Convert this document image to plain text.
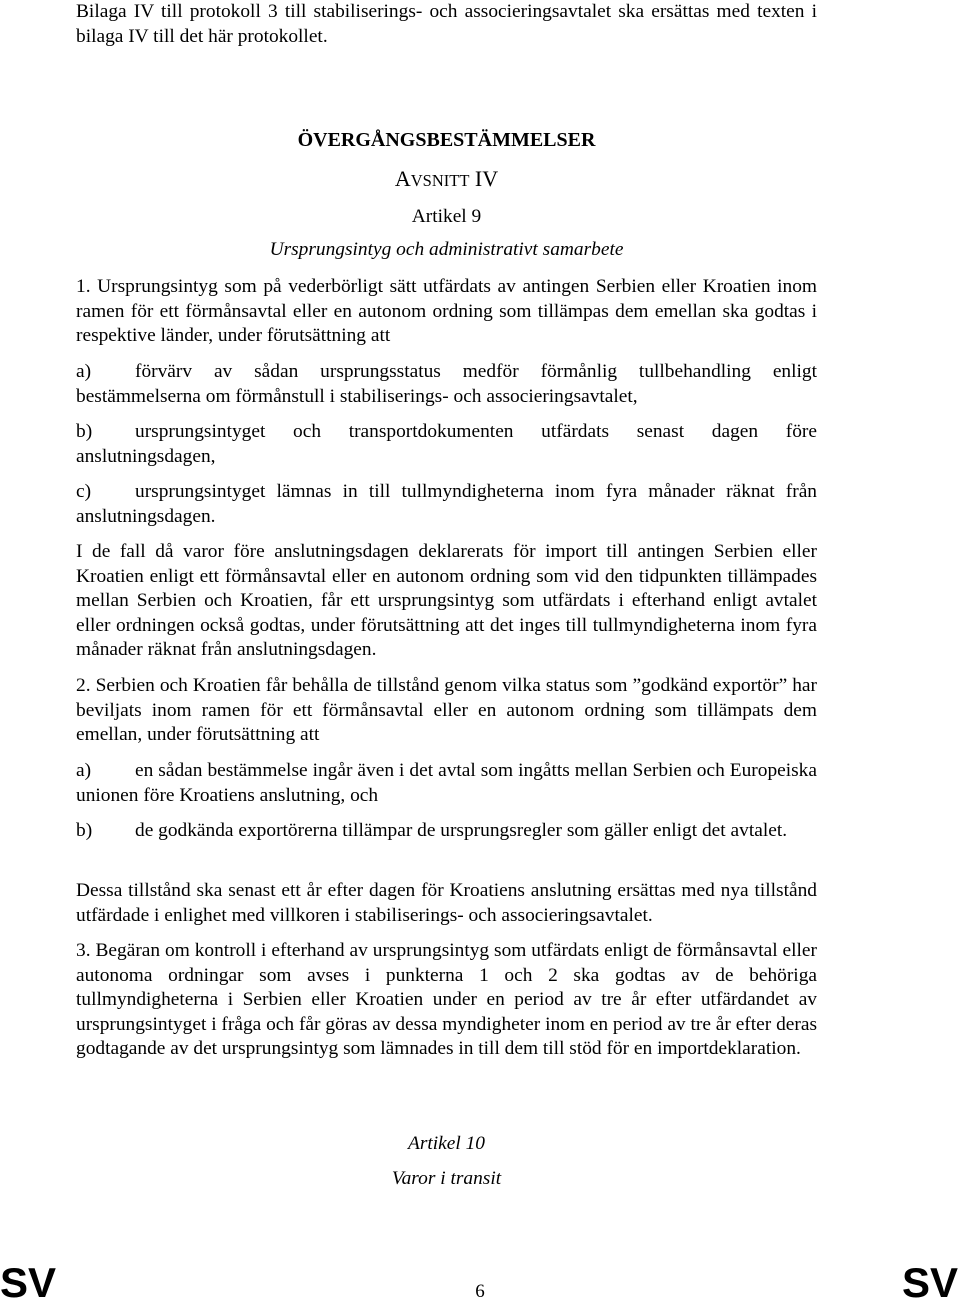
Bilaga IV till protokoll 3 till stabiliserings- och associeringsavtalet ska ersättas med texten i bilaga IV till det här protokollet.

ÖVERGÅNGSBESTÄMMELSER

AVSNITT IV

Artikel 9

Ursprungsintyg och administrativt samarbete

1. Ursprungsintyg som på vederbörligt sätt utfärdats av antingen Serbien eller Kroatien inom ramen för ett förmånsavtal eller en autonom ordning som tillämpas dem emellan ska godtas i respektive länder, under förutsättning att

a) förvärv av sådan ursprungsstatus medför förmånlig tullbehandling enligt bestämmelserna om förmånstull i stabiliserings- och associeringsavtalet,

b) ursprungsintyget och transportdokumenten utfärdats senast dagen före anslutningsdagen,

c) ursprungsintyget lämnas in till tullmyndigheterna inom fyra månader räknat från anslutningsdagen.

I de fall då varor före anslutningsdagen deklarerats för import till antingen Serbien eller Kroatien enligt ett förmånsavtal eller en autonom ordning som vid den tidpunkten tillämpades mellan Serbien och Kroatien, får ett ursprungsintyg som utfärdats i efterhand enligt avtalet eller ordningen också godtas, under förutsättning att det inges till tullmyndigheterna inom fyra månader räknat från anslutningsdagen.

2. Serbien och Kroatien får behålla de tillstånd genom vilka status som ”godkänd exportör” har beviljats inom ramen för ett förmånsavtal eller en autonom ordning som tillämpats dem emellan, under förutsättning att

a) en sådan bestämmelse ingår även i det avtal som ingåtts mellan Serbien och Europeiska unionen före Kroatiens anslutning, och

b) de godkända exportörerna tillämpar de ursprungsregler som gäller enligt det avtalet.

Dessa tillstånd ska senast ett år efter dagen för Kroatiens anslutning ersättas med nya tillstånd utfärdade i enlighet med villkoren i stabiliserings- och associeringsavtalet.

3. Begäran om kontroll i efterhand av ursprungsintyg som utfärdats enligt de förmånsavtal eller autonoma ordningar som avses i punkterna 1 och 2 ska godtas av de behöriga tullmyndigheterna i Serbien eller Kroatien under en period av tre år efter utfärdandet av ursprungsintyget i fråga och får göras av dessa myndigheter inom en period av tre år efter deras godtagande av det ursprungsintyg som lämnades in till dem till stöd för en importdeklaration.

Artikel 10

Varor i transit

SV	6	SV
